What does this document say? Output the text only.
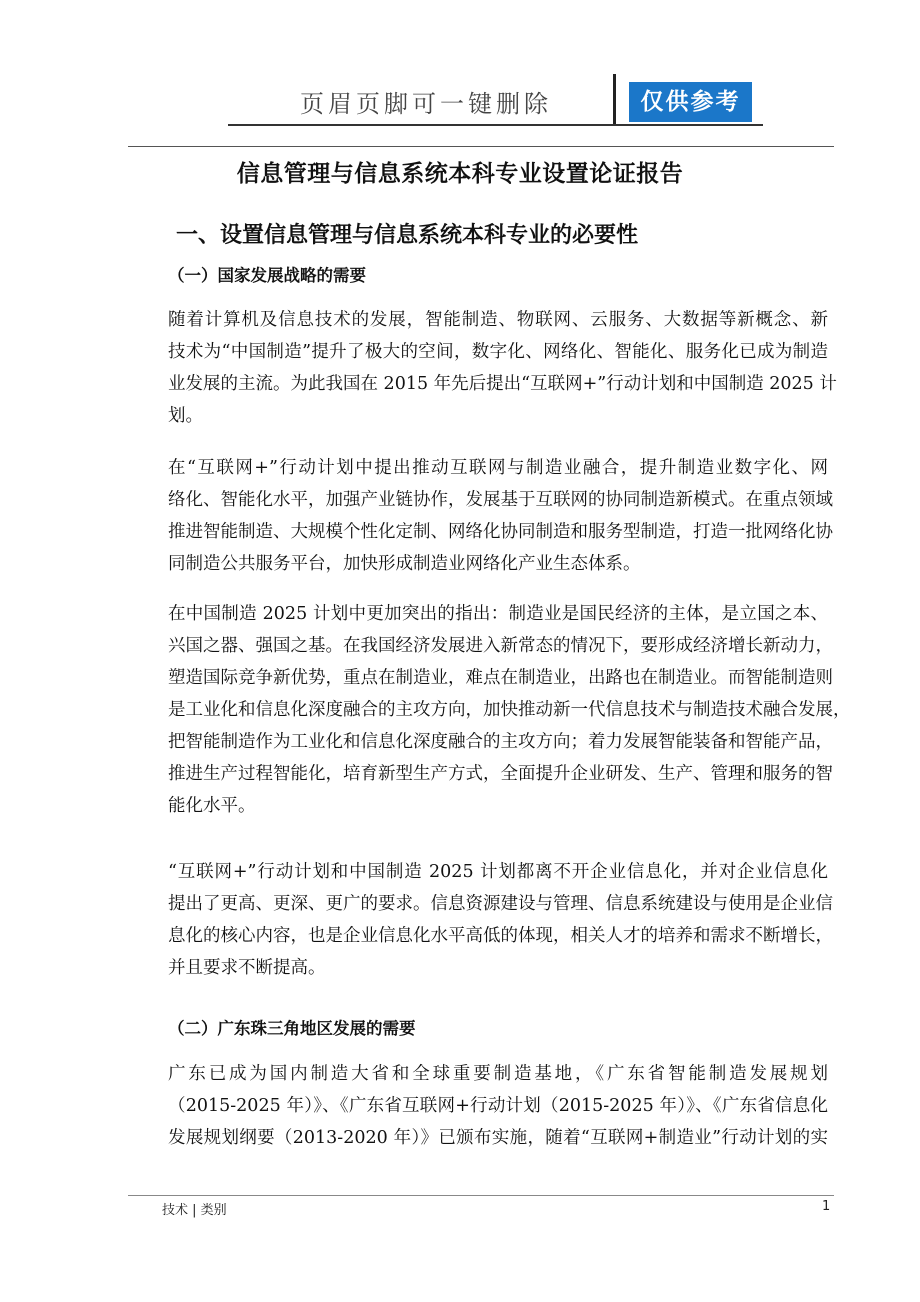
页眉页脚可一键删除	仅供参考
信息管理与信息系统本科专业设置论证报告
一、设置信息管理与信息系统本科专业的必要性
（一）国家发展战略的需要
随着计算机及信息技术的发展，智能制造、物联网、云服务、大数据等新概念、新
技术为“中国制造”提升了极大的空间，数字化、网络化、智能化、服务化已成为制造
业发展的主流。为此我国在 2015 年先后提出“互联网+”行动计划和中国制造 2025 计
划。
在“互联网+”行动计划中提出推动互联网与制造业融合，提升制造业数字化、网
络化、智能化水平，加强产业链协作，发展基于互联网的协同制造新模式。在重点领域
推进智能制造、大规模个性化定制、网络化协同制造和服务型制造，打造一批网络化协
同制造公共服务平台，加快形成制造业网络化产业生态体系。
在中国制造 2025 计划中更加突出的指出：制造业是国民经济的主体，是立国之本、
兴国之器、强国之基。在我国经济发展进入新常态的情况下，要形成经济增长新动力，
塑造国际竞争新优势，重点在制造业，难点在制造业，出路也在制造业。而智能制造则
是工业化和信息化深度融合的主攻方向，加快推动新一代信息技术与制造技术融合发展，
把智能制造作为工业化和信息化深度融合的主攻方向；着力发展智能装备和智能产品，
推进生产过程智能化，培育新型生产方式，全面提升企业研发、生产、管理和服务的智
能化水平。
“互联网+”行动计划和中国制造 2025 计划都离不开企业信息化，并对企业信息化
提出了更高、更深、更广的要求。信息资源建设与管理、信息系统建设与使用是企业信
息化的核心内容，也是企业信息化水平高低的体现，相关人才的培养和需求不断增长，
并且要求不断提高。
（二）广东珠三角地区发展的需要
广东已成为国内制造大省和全球重要制造基地，《广东省智能制造发展规划
（2015-2025 年）》、《广东省互联网+行动计划（2015-2025 年）》、《广东省信息化
发展规划纲要（2013-2020 年）》已颁布实施，随着“互联网+制造业”行动计划的实
技术 | 类别	1
